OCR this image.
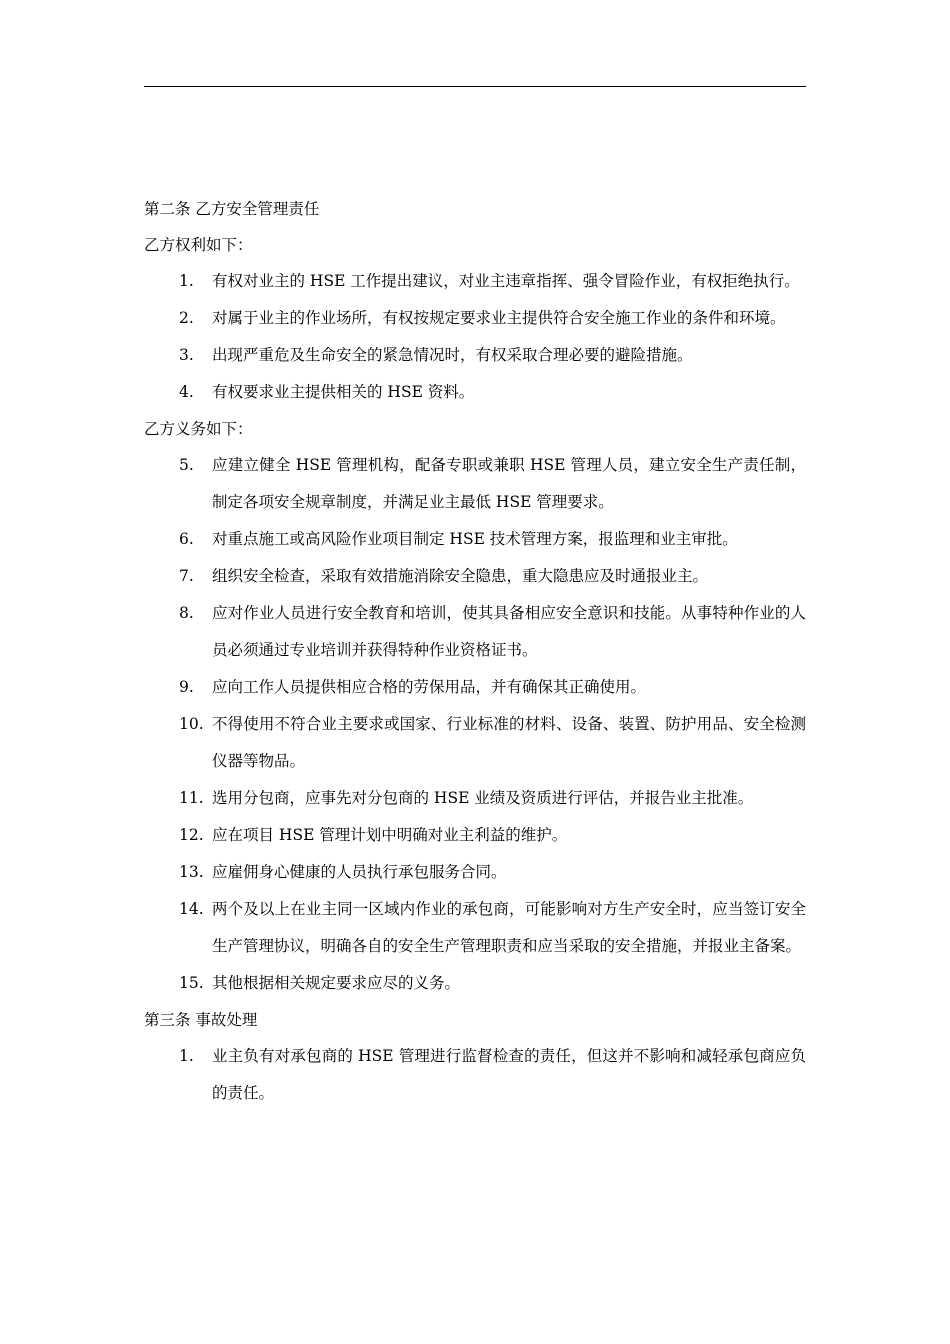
第二条 乙方安全管理责任
乙方权利如下：
1.	有权对业主的 HSE 工作提出建议，对业主违章指挥、强令冒险作业，有权拒绝执行。
2.	对属于业主的作业场所，有权按规定要求业主提供符合安全施工作业的条件和环境。
3.	出现严重危及生命安全的紧急情况时，有权采取合理必要的避险措施。
4.	有权要求业主提供相关的 HSE 资料。
乙方义务如下：
5.	应建立健全 HSE 管理机构，配备专职或兼职 HSE 管理人员，建立安全生产责任制，制定各项安全规章制度，并满足业主最低 HSE 管理要求。
6.	对重点施工或高风险作业项目制定 HSE 技术管理方案，报监理和业主审批。
7.	组织安全检查，采取有效措施消除安全隐患，重大隐患应及时通报业主。
8.	应对作业人员进行安全教育和培训，使其具备相应安全意识和技能。从事特种作业的人员必须通过专业培训并获得特种作业资格证书。
9.	应向工作人员提供相应合格的劳保用品，并有确保其正确使用。
10. 不得使用不符合业主要求或国家、行业标准的材料、设备、装置、防护用品、安全检测仪器等物品。
11. 选用分包商，应事先对分包商的 HSE 业绩及资质进行评估，并报告业主批准。
12. 应在项目 HSE 管理计划中明确对业主利益的维护。
13. 应雇佣身心健康的人员执行承包服务合同。
14. 两个及以上在业主同一区域内作业的承包商，可能影响对方生产安全时，应当签订安全生产管理协议，明确各自的安全生产管理职责和应当采取的安全措施，并报业主备案。
15. 其他根据相关规定要求应尽的义务。
第三条 事故处理
1.	业主负有对承包商的 HSE 管理进行监督检查的责任，但这并不影响和减轻承包商应负的责任。
